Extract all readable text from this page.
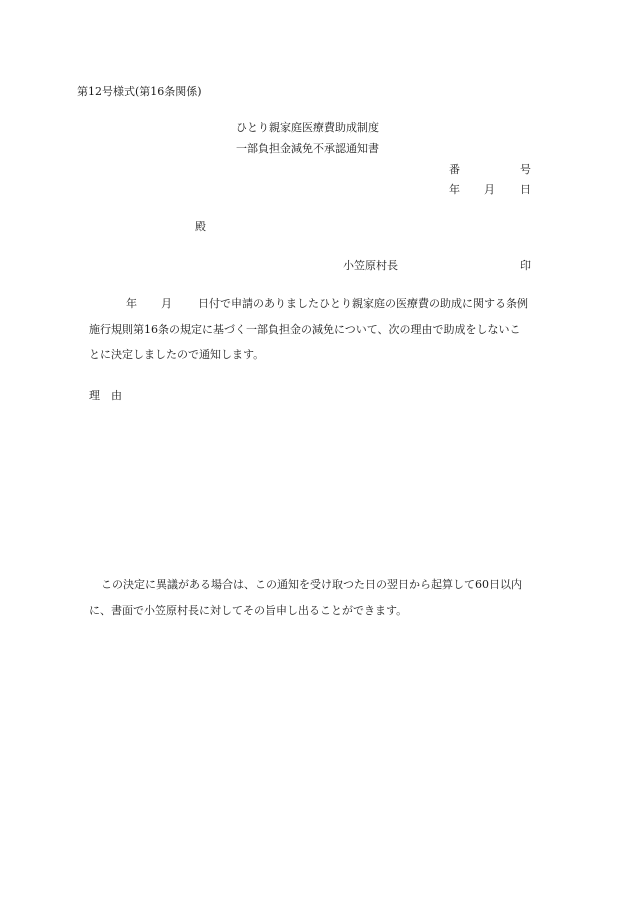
第12号様式(第16条関係)
ひとり親家庭医療費助成制度
一部負担金減免不承認通知書
番	号
年 月 日
殿
小笠原村長	印
年 月 日付で申請のありましたひとり親家庭の医療費の助成に関する条例
施行規則第16条の規定に基づく一部負担金の減免について、次の理由で助成をしないこ
とに決定しましたので通知します。
理　由
この決定に異議がある場合は、この通知を受け取つた日の翌日から起算して60日以内
に、書面で小笠原村長に対してその旨申し出ることができます。
